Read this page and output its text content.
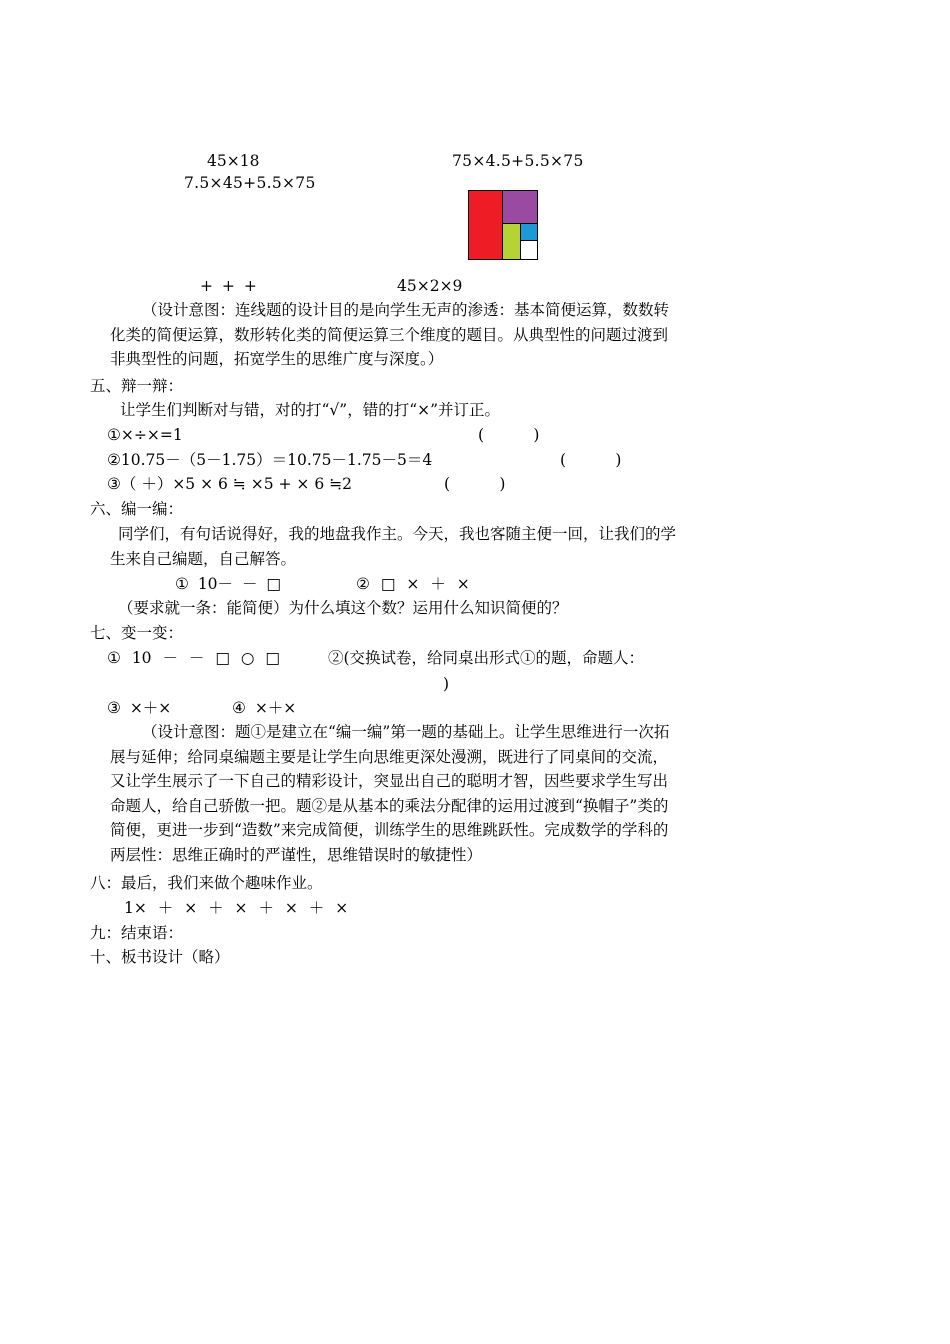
45×18	75×4.5+5.5×75
7.5×45+5.5×75
+ + +	45×2×9
（设计意图：连线题的设计目的是向学生无声的渗透：基本简便运算，数数转化类的简便运算，数形转化类的简便运算三个维度的题目。从典型性的问题过渡到非典型性的问题，拓宽学生的思维广度与深度。）
五、辩一辩：
让学生们判断对与错，对的打“√”，错的打“×”并订正。
①×÷×=1	(          )
②10.75－（5－1.75）＝10.75－1.75－5＝4	(          )
③（ ＋）×5 × 6 ≒ ×5 + × 6 ≒2	(          )
六、编一编：
同学们，有句话说得好，我的地盘我作主。今天，我也客随主便一回，让我们的学生来自己编题，自己解答。
① 10－ － □	② □ × ＋ ×
（要求就一条：能简便）为什么填这个数？运用什么知识简便的？
七、变一变：
① 10 － － □ ○ □	②(交换试卷，给同桌出形式①的题，命题人：
)
③ ×＋×	④ ×＋×
（设计意图：题①是建立在“编一编”第一题的基础上。让学生思维进行一次拓展与延伸；给同桌编题主要是让学生向思维更深处漫溯，既进行了同桌间的交流，又让学生展示了一下自己的精彩设计，突显出自己的聪明才智，因些要求学生写出命题人，给自己骄傲一把。题②是从基本的乘法分配律的运用过渡到“换帽子”类的简便，更进一步到“造数”来完成简便，训练学生的思维跳跃性。完成数学的学科的两层性：思维正确时的严谨性，思维错误时的敏捷性）
八：最后，我们来做个趣味作业。
1× ＋ × ＋ × ＋ × ＋ ×
九：结束语：
十、板书设计（略）
